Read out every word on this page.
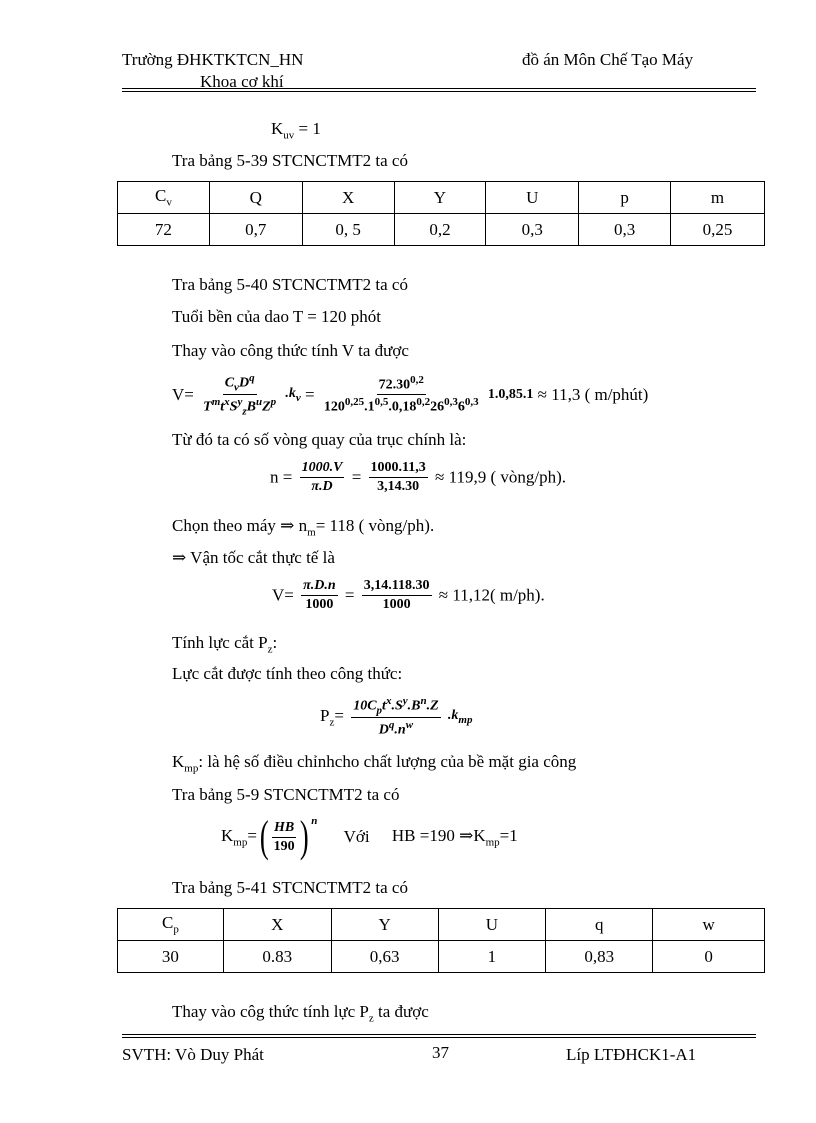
Trường ĐHKTKTCN_HN
Khoa cơ khí
đồ án Môn Chế Tạo Máy
$K_{uv} = 1$
Tra bảng 5-39 STCNCTMT2 ta có
$C_v$	Q	X	Y	U	p	m
72	0,7	0, 5	0,2	0,3	0,3	0,25
Tra bảng 5-40 STCNCTMT2 ta có
Tuổi bền của dao T = 120 phót
Thay vào công thức tính V ta được
$V= \frac{C_vD^q}{T^mt^xS^y_zB^uZ^p} .k_v = \frac{72.30^{0,2}}{120^{0,25}.1^{0,5}.0,18^{0,2}26^{0,3}6^{0,3}} 1.0,85.1 \approx 11,3$ ( m/phút)
Từ đó ta có số vòng quay của trục chính là:
$n = \frac{1000.V}{\pi.D} = \frac{1000.11,3}{3,14.30} \approx 119,9$ ( vòng/ph).
Chọn theo máy ⇒ $n_m= 118$ ( vòng/ph).
⇒ Vận tốc cắt thực tế là
$V= \frac{\pi.D.n}{1000} = \frac{3,14.118.30}{1000} \approx 11,12$( m/ph).
Tính lực cắt $P_z$:
Lực cắt được tính theo công thức:
$P_z= \frac{10C_pt^x.S^y.B^n.Z}{D^q.n^w} .k_{mp}$
$K_{mp}$: là hệ số điều chỉnhcho chất lượng của bề mặt gia công
Tra bảng 5-9 STCNCTMT2 ta có
$K_{mp}=( \frac{HB}{190}$ ) $^n$ Với HB =190 $\Rightarrow K_{mp}=1$
Tra bảng 5-41 STCNCTMT2 ta có
$C_p$	X	Y	U	q	w
30	0.83	0,63	1	0,83	0
Thay vào côg thức tính lực $P_z$ ta được
SVTH: Vò Duy Phát	37	Líp LTĐHCK1-A1
